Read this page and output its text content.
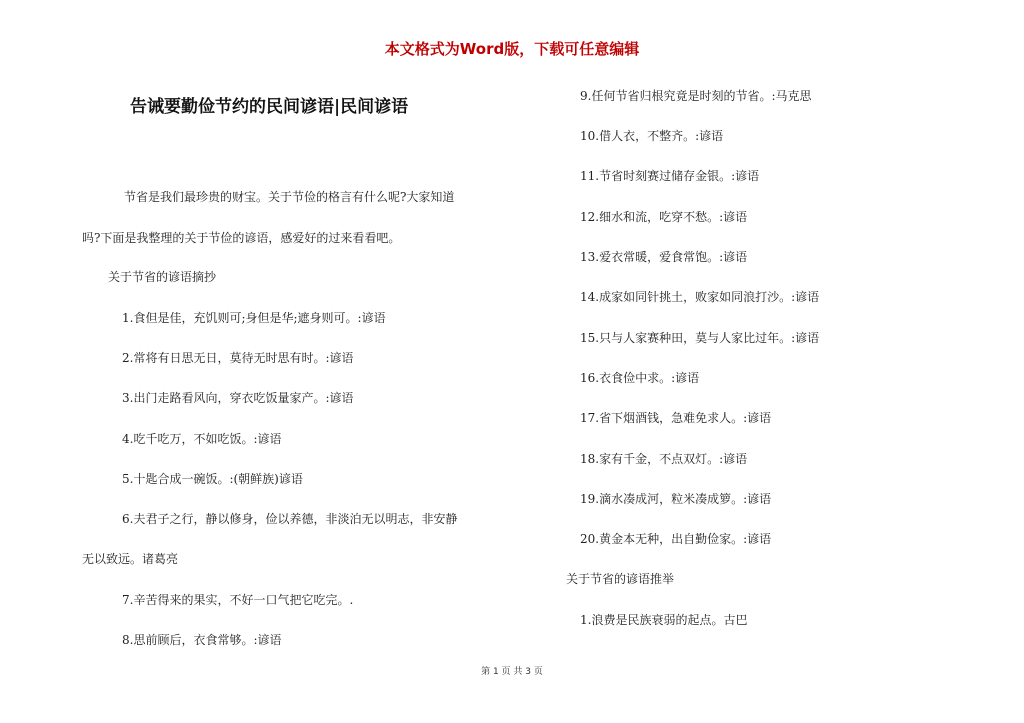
本文格式为Word版，下载可任意编辑
告诫要勤俭节约的民间谚语|民间谚语
节省是我们最珍贵的财宝。关于节俭的格言有什么呢?大家知道
吗?下面是我整理的关于节俭的谚语，感爱好的过来看看吧。
关于节省的谚语摘抄
1.食但是佳，充饥则可;身但是华;遮身则可。:谚语
2.常将有日思无日，莫待无时思有时。:谚语
3.出门走路看风向，穿衣吃饭量家产。:谚语
4.吃千吃万，不如吃饭。:谚语
5.十匙合成一碗饭。:(朝鲜族)谚语
6.夫君子之行，静以修身，俭以养德，非淡泊无以明志，非安静
无以致远。诸葛亮
7.辛苦得来的果实，不好一口气把它吃完。.
8.思前顾后，衣食常够。:谚语
9.任何节省归根究竟是时刻的节省。:马克思
10.借人衣，不整齐。:谚语
11.节省时刻赛过储存金银。:谚语
12.细水和流，吃穿不愁。:谚语
13.爱衣常暖，爱食常饱。:谚语
14.成家如同针挑土，败家如同浪打沙。:谚语
15.只与人家赛种田，莫与人家比过年。:谚语
16.衣食俭中求。:谚语
17.省下烟酒钱，急难免求人。:谚语
18.家有千金，不点双灯。:谚语
19.滴水凑成河，粒米凑成箩。:谚语
20.黄金本无种，出自勤俭家。:谚语
关于节省的谚语推举
1.浪费是民族衰弱的起点。古巴
第 1 页 共 3 页
